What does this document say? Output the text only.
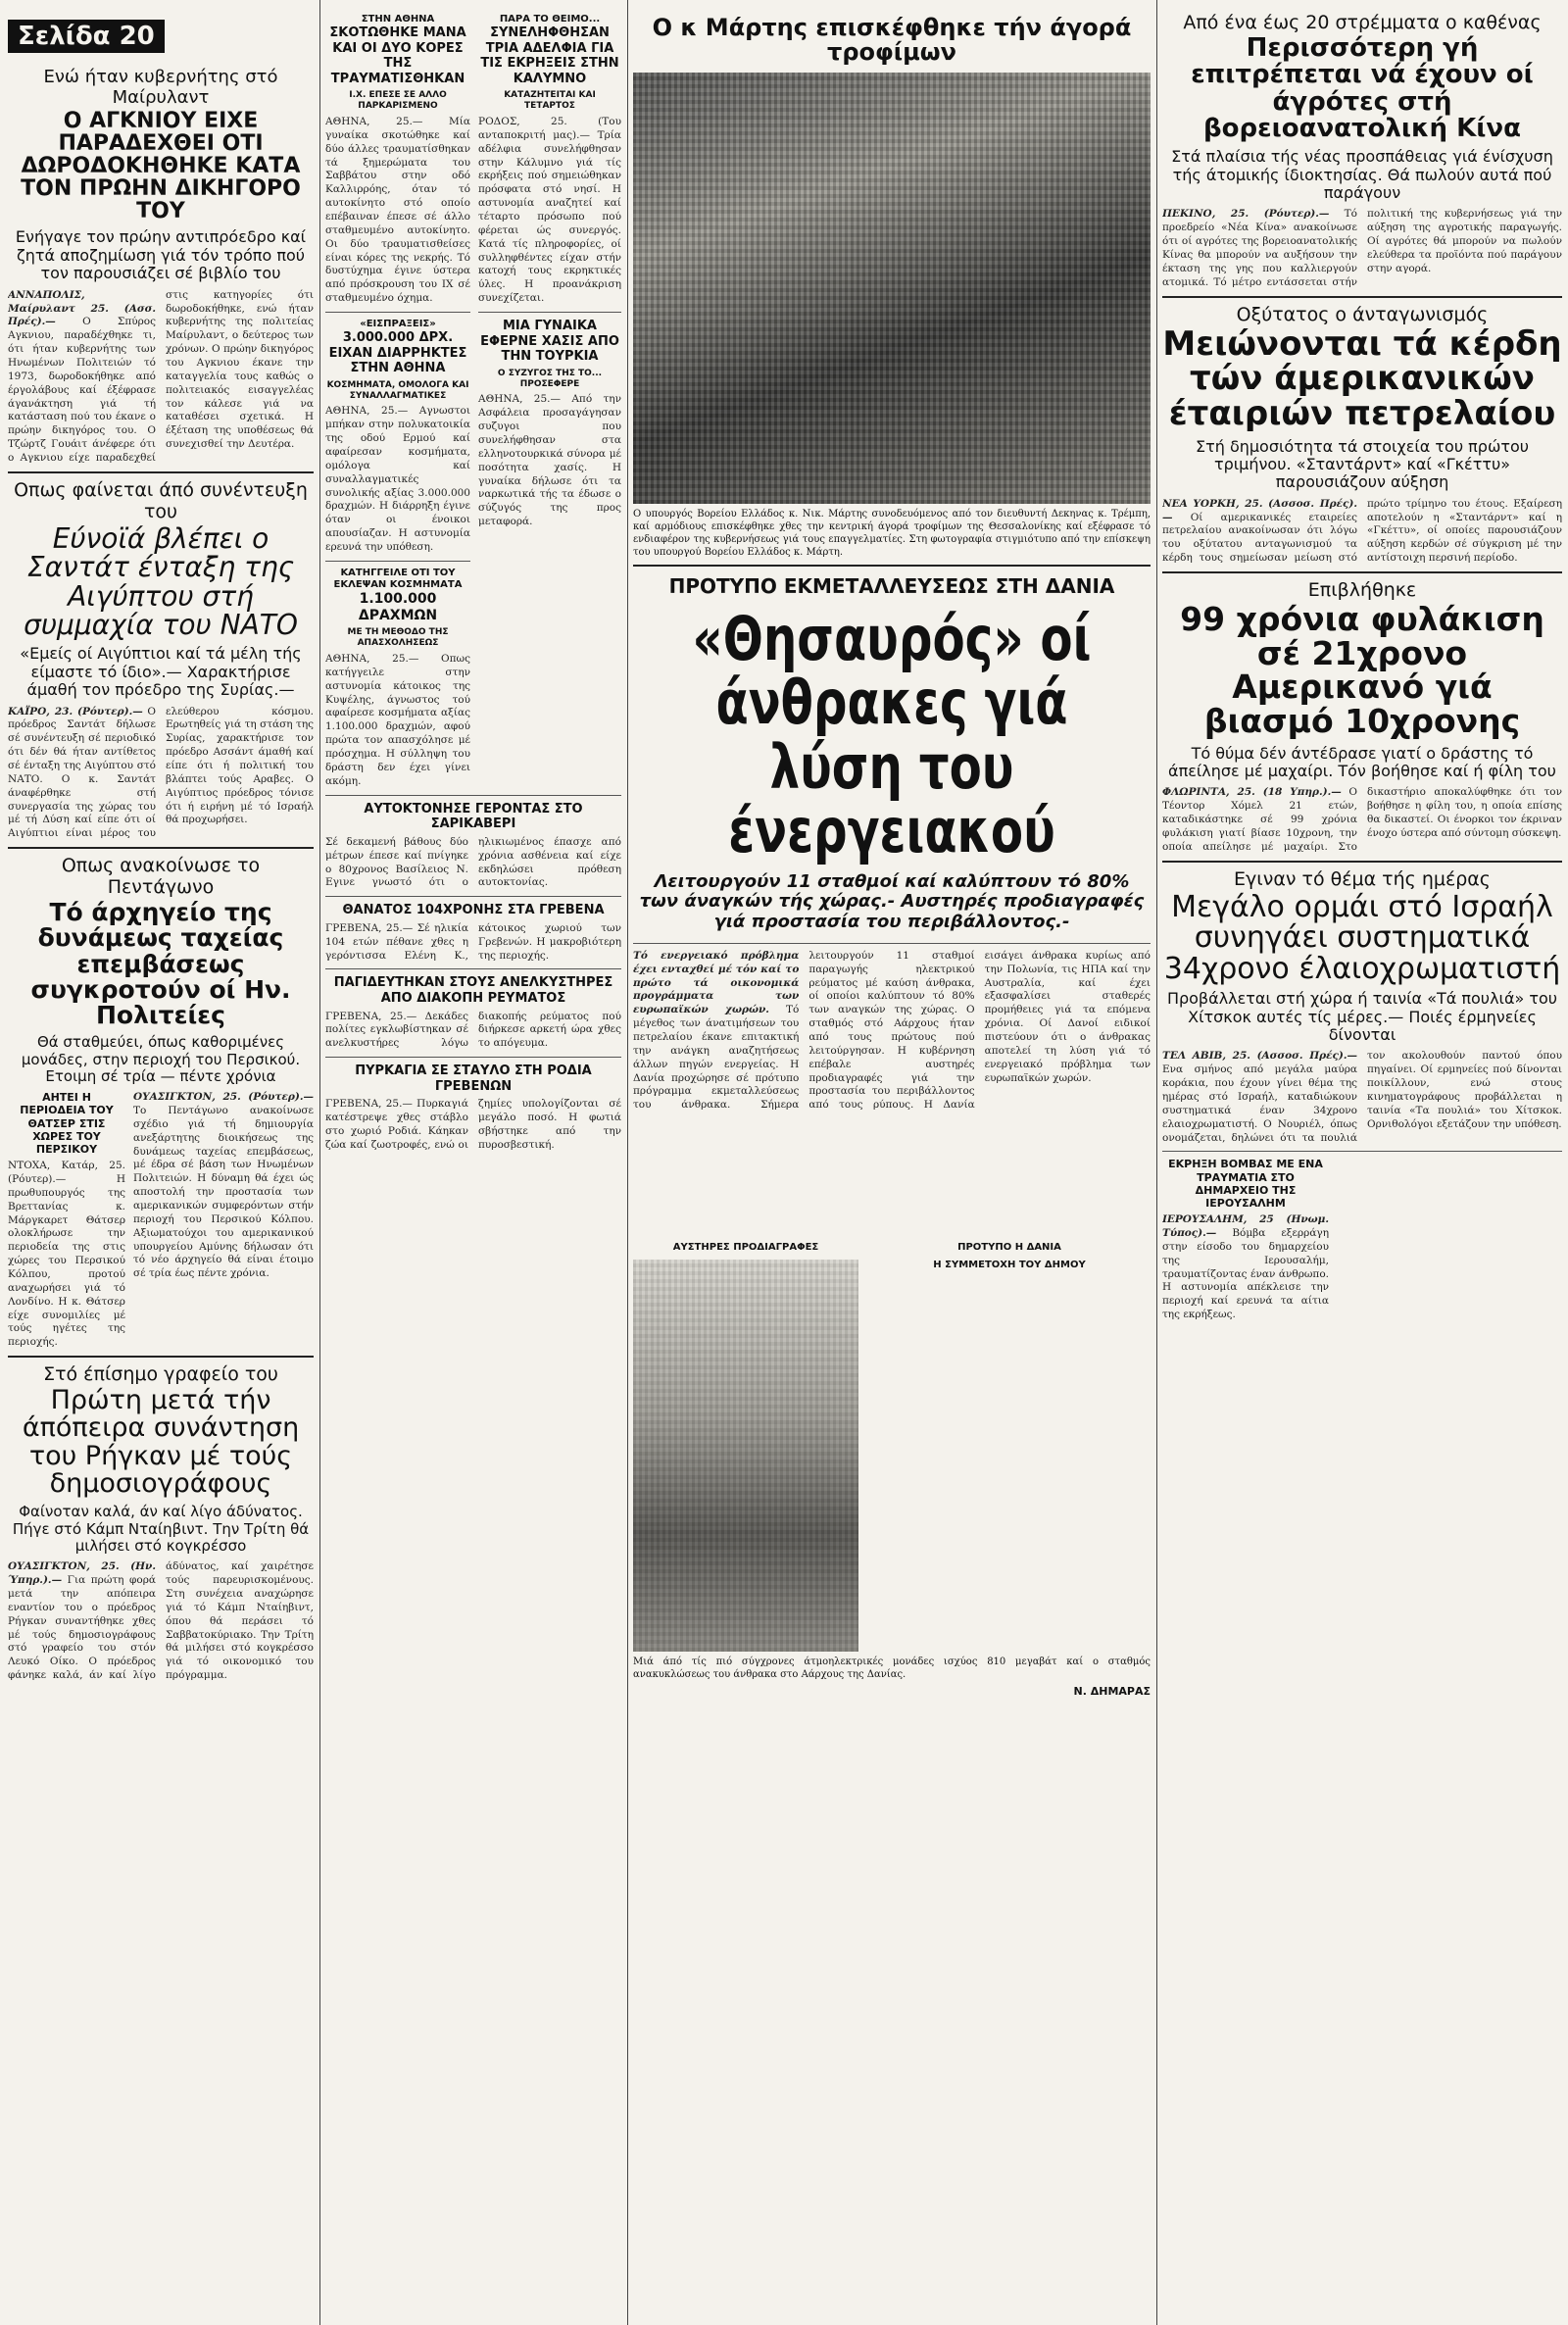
Σελίδα 20
Ενώ ήταν κυβερνήτης στό Μαίρυλαντ
Ο ΑΓΚΝΙΟΥ ΕΙΧΕ ΠΑΡΑΔΕΧΘΕΙ ΟΤΙ ΔΩΡΟΔΟΚΗΘΗΚΕ ΚΑΤΑ ΤΟΝ ΠΡΩΗΝ ΔΙΚΗΓΟΡΟ ΤΟΥ
Ενήγαγε τον πρώην αντιπρόεδρο καί ζητά αποζημίωση γιά τόν τρόπο πού τον παρουσιάζει σέ βιβλίο του
ΑΝΝΑΠΟΛΙΣ, Μαίρυλαντ 25. (Ασσ. Πρές).—	Ο Σπύρος Αγκνιου, παραδέχθηκε τι, ότι ήταν κυβερνήτης των Ηνωμένων Πολιτειών τό 1973, δωροδοκήθηκε από έργολάβους καί έξέφρασε άγανάκτηση γιά τή κατάσταση πού του έκανε ο πρώην δικηγόρος του. Ο Τζώρτζ Γουάιτ άνέφερε ότι ο Αγκνιου είχε παραδεχθεί στις κατηγορίες ότι δωροδοκήθηκε, ενώ ήταν κυβερνήτης της πολιτείας Μαίρυλαντ, ο δεύτερος των χρόνων. Ο πρώην δικηγόρος του Αγκνιου έκανε την καταγγελία τους καθώς ο πολιτειακός εισαγγελέας τον κάλεσε γιά να καταθέσει σχετικά. Η έξέταση της υποθέσεως θά συνεχισθεί την Δευτέρα.
Οπως φαίνεται άπό συνέντευξη του
Εύνοϊά βλέπει ο Σαντάτ ένταξη της Αιγύπτου στή συμμαχία του ΝΑΤΟ
«Εμείς οί Αιγύπτιοι καί τά μέλη τής είμαστε τό ίδιο».— Χαρακτήρισε άμαθή τον πρόεδρο της Συρίας.—
ΚΑΪΡΟ, 23. (Ρόυτερ).— Ο πρόεδρος Σαντάτ δήλωσε σέ συνέντευξη σέ περιοδικό ότι δέν θά ήταν αντίθετος σέ ένταξη της Αιγύπτου στό ΝΑΤΟ. Ο κ. Σαντάτ άναφέρθηκε στή συνεργασία της χώρας του μέ τή Δύση καί είπε ότι οί Αιγύπτιοι είναι μέρος του ελεύθερου κόσμου. Ερωτηθείς γιά τη στάση της Συρίας, χαρακτήρισε τον πρόεδρο Ασσάντ άμαθή καί είπε ότι ή πολιτική του βλάπτει τούς Αραβες. Ο Αιγύπτιος πρόεδρος τόνισε ότι ή ειρήνη μέ τό Ισραήλ θά προχωρήσει.
Οπως ανακοίνωσε το Πεντάγωνο
Τό άρχηγείο της δυνάμεως ταχείας επεμβάσεως συγκροτούν οί Ην. Πολιτείες
Θά σταθμεύει, όπως καθοριμένες μονάδες, στην περιοχή του Περσικού. Ετοιμη σέ τρία — πέντε χρόνια
ΑΗΤΕΙ Η ΠΕΡΙΟΔΕΙΑ ΤΟΥ ΘΑΤΣΕΡ ΣΤΙΣ ΧΩΡΕΣ ΤΟΥ ΠΕΡΣΙΚΟΥ
ΝΤΟΧΑ, Κατάρ, 25. (Ρόυτερ).— Η πρωθυπουργός της Βρεττανίας κ. Μάργκαρετ Θάτσερ ολοκλήρωσε την περιοδεία της στις χώρες του Περσικού Κόλπου, προτού αναχωρήσει γιά τό Λονδίνο. Η κ. Θάτσερ είχε συνομιλίες μέ τούς ηγέτες της περιοχής.
ΟΥΑΣΙΓΚΤΟΝ, 25. (Ρόυτερ).— Το Πεντάγωνο ανακοίνωσε σχέδιο γιά τή δημιουργία ανεξάρτητης διοικήσεως της δυνάμεως ταχείας επεμβάσεως, μέ έδρα σέ βάση των Ηνωμένων Πολιτειών. Η δύναμη θά έχει ώς αποστολή την προστασία των αμερικανικών συμφερόντων στήν περιοχή του Περσικού Κόλπου. Αξιωματούχοι του αμερικανικού υπουργείου Αμύνης δήλωσαν ότι τό νέο άρχηγείο θά είναι έτοιμο σέ τρία έως πέντε χρόνια.
Στό έπίσημο γραφείο του
Πρώτη μετά τήν άπόπειρα συνάντηση του Ρήγκαν μέ τούς δημοσιογράφους
Φαίνοταν καλά, άν καί λίγο άδύνατος. Πήγε στό Κάμπ Νταίηβιντ. Την Τρίτη θά μιλήσει στό κογκρέσσο
ΟΥΑΣΙΓΚΤΟΝ, 25. (Ην. Ύπηρ.).— Για πρώτη φορά μετά την απόπειρα εναντίον του ο πρόεδρος Ρήγκαν συναντήθηκε χθες μέ τούς δημοσιογράφους στό γραφείο του στόν Λευκό Οίκο. Ο πρόεδρος φάνηκε καλά, άν καί λίγο άδύνατος, καί χαιρέτησε τούς παρευρισκομένους. Στη συνέχεια αναχώρησε γιά τό Κάμπ Νταίηβιντ, όπου θά περάσει τό Σαββατοκύριακο. Την Τρίτη θά μιλήσει στό κογκρέσσο γιά τό οικονομικό του πρόγραμμα.
ΣΤΗΝ ΑΘΗΝΑ
ΣΚΟΤΩΘΗΚΕ ΜΑΝΑ ΚΑΙ ΟΙ ΔΥΟ ΚΟΡΕΣ ΤΗΣ ΤΡΑΥΜΑΤΙΣΘΗΚΑΝ
Ι.Χ. ΕΠΕΣΕ ΣΕ ΑΛΛΟ ΠΑΡΚΑΡΙΣΜΕΝΟ
ΑΘΗΝΑ, 25.— Μία γυναίκα σκοτώθηκε καί δύο άλλες τραυματίσθηκαν τά ξημερώματα του Σαββάτου στην οδό Καλλιρρόης, όταν τό αυτοκίνητο στό οποίο επέβαιναν έπεσε σέ άλλο σταθμευμένο αυτοκίνητο. Οι δύο τραυματισθείσες είναι κόρες της νεκρής. Τό δυστύχημα έγινε ύστερα από πρόσκρουση του ΙΧ σέ σταθμευμένο όχημα.
«ΕΙΣΠΡΑΞΕΙΣ»
3.000.000 ΔΡΧ. ΕΙΧΑΝ ΔΙΑΡΡΗΚΤΕΣ ΣΤΗΝ ΑΘΗΝΑ
ΚΟΣΜΗΜΑΤΑ, ΟΜΟΛΟΓΑ ΚΑΙ ΣΥΝΑΛΛΑΓΜΑΤΙΚΕΣ
ΑΘΗΝΑ, 25.— Αγνωστοι μπήκαν στην πολυκατοικία της οδού Ερμού καί αφαίρεσαν κοσμήματα, ομόλογα καί συναλλαγματικές συνολικής αξίας 3.000.000 δραχμών. Η διάρρηξη έγινε όταν οι ένοικοι απουσίαζαν. Η αστυνομία ερευνά την υπόθεση.
ΚΑΤΗΓΓΕΙΛΕ ΟΤΙ ΤΟΥ ΕΚΛΕΨΑΝ ΚΟΣΜΗΜΑΤΑ
1.100.000 ΔΡΑΧΜΩΝ
ΜΕ ΤΗ ΜΕΘΟΔΟ ΤΗΣ ΑΠΑΣΧΟΛΗΣΕΩΣ
ΑΘΗΝΑ, 25.— Οπως κατήγγειλε στην αστυνομία κάτοικος της Κυψέλης, άγνωστος τού αφαίρεσε κοσμήματα αξίας 1.100.000 δραχμών, αφού πρώτα τον απασχόλησε μέ πρόσχημα. Η σύλληψη του δράστη δεν έχει γίνει ακόμη.
ΠΑΡΑ ΤΟ ΘΕΙΜΟ...
ΣΥΝΕΛΗΦΘΗΣΑΝ ΤΡΙΑ ΑΔΕΛΦΙΑ ΓΙΑ ΤΙΣ ΕΚΡΗΞΕΙΣ ΣΤΗΝ ΚΑΛΥΜΝΟ
ΚΑΤΑΖΗΤΕΙΤΑΙ ΚΑΙ ΤΕΤΑΡΤΟΣ
ΡΟΔΟΣ, 25. (Του ανταποκριτή μας).— Τρία αδέλφια συνελήφθησαν στην Κάλυμνο γιά τίς εκρήξεις πού σημειώθηκαν πρόσφατα στό νησί. Η αστυνομία αναζητεί καί τέταρτο πρόσωπο πού φέρεται ώς συνεργός. Κατά τίς πληροφορίες, οί συλληφθέντες είχαν στήν κατοχή τους εκρηκτικές ύλες. Η προανάκριση συνεχίζεται.
ΜΙΑ ΓΥΝΑΙΚΑ ΕΦΕΡΝΕ ΧΑΣΙΣ ΑΠΟ ΤΗΝ ΤΟΥΡΚΙΑ
Ο ΣΥΖΥΓΟΣ ΤΗΣ ΤΟ... ΠΡΟΣΕΦΕΡΕ
ΑΘΗΝΑ, 25.— Από την Ασφάλεια προσαγάγησαν συζυγοι που συνελήφθησαν στα ελληνοτουρκικά σύνορα μέ ποσότητα χασίς. Η γυναίκα δήλωσε ότι τα ναρκωτικά τής τα έδωσε ο σύζυγός της προς μεταφορά.
ΑΥΤΟΚΤΟΝΗΣΕ ΓΕΡΟΝΤΑΣ ΣΤΟ ΣΑΡΙΚΑΒΕΡΙ
Σέ δεκαμενή βάθους δύο μέτρων έπεσε καί πνίγηκε ο 80χρονος Βασίλειος Ν. Εγινε γνωστό ότι ο ηλικιωμένος έπασχε από χρόνια ασθένεια καί είχε εκδηλώσει πρόθεση αυτοκτονίας.
ΘΑΝΑΤΟΣ 104ΧΡΟΝΗΣ ΣΤΑ ΓΡΕΒΕΝΑ
ΓΡΕΒΕΝΑ, 25.— Σέ ηλικία 104 ετών πέθανε χθες η γερόντισσα Ελένη Κ., κάτοικος χωριού των Γρεβενών. Η μακροβιότερη της περιοχής.
ΠΑΓΙΔΕΥΤΗΚΑΝ ΣΤΟΥΣ ΑΝΕΛΚΥΣΤΗΡΕΣ ΑΠΟ ΔΙΑΚΟΠΗ ΡΕΥΜΑΤΟΣ
ΓΡΕΒΕΝΑ, 25.— Δεκάδες πολίτες εγκλωβίστηκαν σέ ανελκυστήρες λόγω διακοπής ρεύματος πού διήρκεσε αρκετή ώρα χθες το απόγευμα.
ΠΥΡΚΑΓΙΑ ΣΕ ΣΤΑΥΛΟ ΣΤΗ ΡΟΔΙΑ ΓΡΕΒΕΝΩΝ
ΓΡΕΒΕΝΑ, 25.— Πυρκαγιά κατέστρεψε χθες στάβλο στο χωριό Ροδιά. Κάηκαν ζώα καί ζωοτροφές, ενώ οι ζημίες υπολογίζονται σέ μεγάλο ποσό. Η φωτιά σβήστηκε από την πυροσβεστική.
Ο κ Μάρτης επισκέφθηκε τήν άγορά τροφίμων
Ο υπουργός Βορείου Ελλάδος κ. Νικ. Μάρτης συνοδευόμενος από τον διευθυντή Δεκηνας κ. Τρέμπη, καί αρμόδιους επισκέφθηκε χθες την κεντρική άγορά τροφίμων της Θεσσαλονίκης καί εξέφρασε τό ενδιαφέρον της κυβερνήσεως γιά τους επαγγελματίες. Στη φωτογραφία στιγμιότυπο από την επίσκεψη του υπουργού Βορείου Ελλάδος κ. Μάρτη.
ΠΡΟΤΥΠΟ ΕΚΜΕΤΑΛΛΕΥΣΕΩΣ ΣΤΗ ΔΑΝΙΑ
«Θησαυρός» οί άνθρακες γιά λύση του ένεργειακού
Λειτουργούν 11 σταθμοί καί καλύπτουν τό 80% των άναγκών τής χώρας.- Αυστηρές προδιαγραφές γιά προστασία του περιβάλλοντος.-
Τό ενεργειακό πρόβλημα έχει ενταχθεί μέ τόν καί το πρώτο τά οικονομικά προγράμματα των ευρωπαϊκών χωρών. Τό μέγεθος των άνατιμήσεων του πετρελαίου έκανε επιτακτική την ανάγκη αναζητήσεως άλλων πηγών ενεργείας. Η Δανία προχώρησε σέ πρότυπο πρόγραμμα εκμεταλλεύσεως του άνθρακα. Σήμερα λειτουργούν 11 σταθμοί παραγωγής ηλεκτρικού ρεύματος μέ καύση άνθρακα, οί οποίοι καλύπτουν τό 80% των αναγκών της χώρας. Ο σταθμός στό Αάρχους ήταν από τους πρώτους πού λειτούργησαν. Η κυβέρνηση επέβαλε αυστηρές προδιαγραφές γιά την προστασία του περιβάλλοντος από τους ρύπους. Η Δανία εισάγει άνθρακα κυρίως από την Πολωνία, τις ΗΠΑ καί την Αυστραλία, καί έχει εξασφαλίσει σταθερές προμήθειες γιά τα επόμενα χρόνια. Οί Δανοί ειδικοί πιστεύουν ότι ο άνθρακας αποτελεί τη λύση γιά τό ενεργειακό πρόβλημα των ευρωπαϊκών χωρών.
ΑΥΣΤΗΡΕΣ ΠΡΟΔΙΑΓΡΑΦΕΣ	ΠΡΟΤΥΠΟ Η ΔΑΝΙΑ
Η ΣΥΜΜΕΤΟΧΗ ΤΟΥ ΔΗΜΟΥ
Μιά άπό τίς πιό σύγχρονες άτμοηλεκτρικές μονάδες ισχύος 810 μεγαβάτ καί ο σταθμός ανακυκλώσεως του άνθρακα στο Αάρχους της Δανίας.
Ν. ΔΗΜΑΡΑΣ
Από ένα έως 20 στρέμματα ο καθένας
Περισσότερη γή επιτρέπεται νά έχουν οί άγρότες στή βορειοανατολική Κίνα
Στά πλαίσια τής νέας προσπάθειας γιά ένίσχυση τής άτομικής ίδιοκτησίας. Θά πωλούν αυτά πού παράγουν
ΠΕΚΙΝΟ, 25. (Ρόυτερ).— Τό προεδρείο «Νέα Κίνα» ανακοίνωσε ότι οί αγρότες της βορειοανατολικής Κίνας θα μπορούν να αυξήσουν την έκταση της γης που καλλιεργούν ατομικά. Τό μέτρο εντάσσεται στήν πολιτική της κυβερνήσεως γιά την αύξηση της αγροτικής παραγωγής. Οί αγρότες θά μπορούν να πωλούν ελεύθερα τα προϊόντα πού παράγουν στην αγορά.
Οξύτατος ο άνταγωνισμός
Μειώνονται τά κέρδη τών άμερικανικών έταιριών πετρελαίου
Στή δημοσιότητα τά στοιχεία του πρώτου τριμήνου. «Σταντάρντ» καί «Γκέττυ» παρουσιάζουν αύξηση
ΝΕΑ ΥΟΡΚΗ, 25. (Ασσοσ. Πρές).— Οί αμερικανικές εταιρείες πετρελαίου ανακοίνωσαν ότι λόγω του οξύτατου ανταγωνισμού τα κέρδη τους σημείωσαν μείωση στό πρώτο τρίμηνο του έτους. Εξαίρεση αποτελούν η «Σταντάρντ» καί η «Γκέττυ», οί οποίες παρουσιάζουν αύξηση κερδών σέ σύγκριση μέ την αντίστοιχη περσινή περίοδο.
Επιβλήθηκε
99 χρόνια φυλάκιση σέ 21χρονο Αμερικανό γιά βιασμό 10χρονης
Τό θύμα δέν άντέδρασε γιατί ο δράστης τό άπείλησε μέ μαχαίρι. Τόν βοήθησε καί ή φίλη του
ΦΛΩΡΙΝΤΑ, 25. (18 Υπηρ.).— Ο Τέοντορ Χόμελ 21 ετών, καταδικάστηκε σέ 99 χρόνια φυλάκιση γιατί βίασε 10χρονη, την οποία απείλησε μέ μαχαίρι. Στο δικαστήριο αποκαλύφθηκε ότι τον βοήθησε η φίλη του, η οποία επίσης θα δικαστεί. Οι ένορκοι τον έκριναν ένοχο ύστερα από σύντομη σύσκεψη.
Εγιναν τό θέμα τής ημέρας
Μεγάλο ορμάι στό Ισραήλ συνηγάει συστηματικά 34χρονο έλαιοχρωματιστή
Προβάλλεται στή χώρα ή ταινία «Τά πουλιά» του Χίτσκοκ αυτές τίς μέρες.— Ποιές έρμηνείες δίνονται
ΤΕΛ ΑΒΙΒ, 25. (Ασσοσ. Πρές).— Ενα σμήνος από μεγάλα μαύρα κοράκια, που έχουν γίνει θέμα της ημέρας στό Ισραήλ, καταδιώκουν συστηματικά έναν 34χρονο ελαιοχρωματιστή. Ο Νουριέλ, όπως ονομάζεται, δηλώνει ότι τα πουλιά τον ακολουθούν παντού όπου πηγαίνει. Οί ερμηνείες πού δίνονται ποικίλλουν, ενώ στους κινηματογράφους προβάλλεται η ταινία «Τα πουλιά» του Χίτσκοκ. Ορνιθολόγοι εξετάζουν την υπόθεση.
ΕΚΡΗΞΗ ΒΟΜΒΑΣ ΜΕ ΕΝΑ ΤΡΑΥΜΑΤΙΑ ΣΤΟ ΔΗΜΑΡΧΕΙΟ ΤΗΣ ΙΕΡΟΥΣΑΛΗΜ
ΙΕΡΟΥΣΑΛΗΜ, 25 (Ηνωμ. Τύπος).— Βόμβα εξερράγη στην είσοδο του δημαρχείου της Ιερουσαλήμ, τραυματίζοντας έναν άνθρωπο. Η αστυνομία απέκλεισε την περιοχή καί ερευνά τα αίτια της εκρήξεως.
